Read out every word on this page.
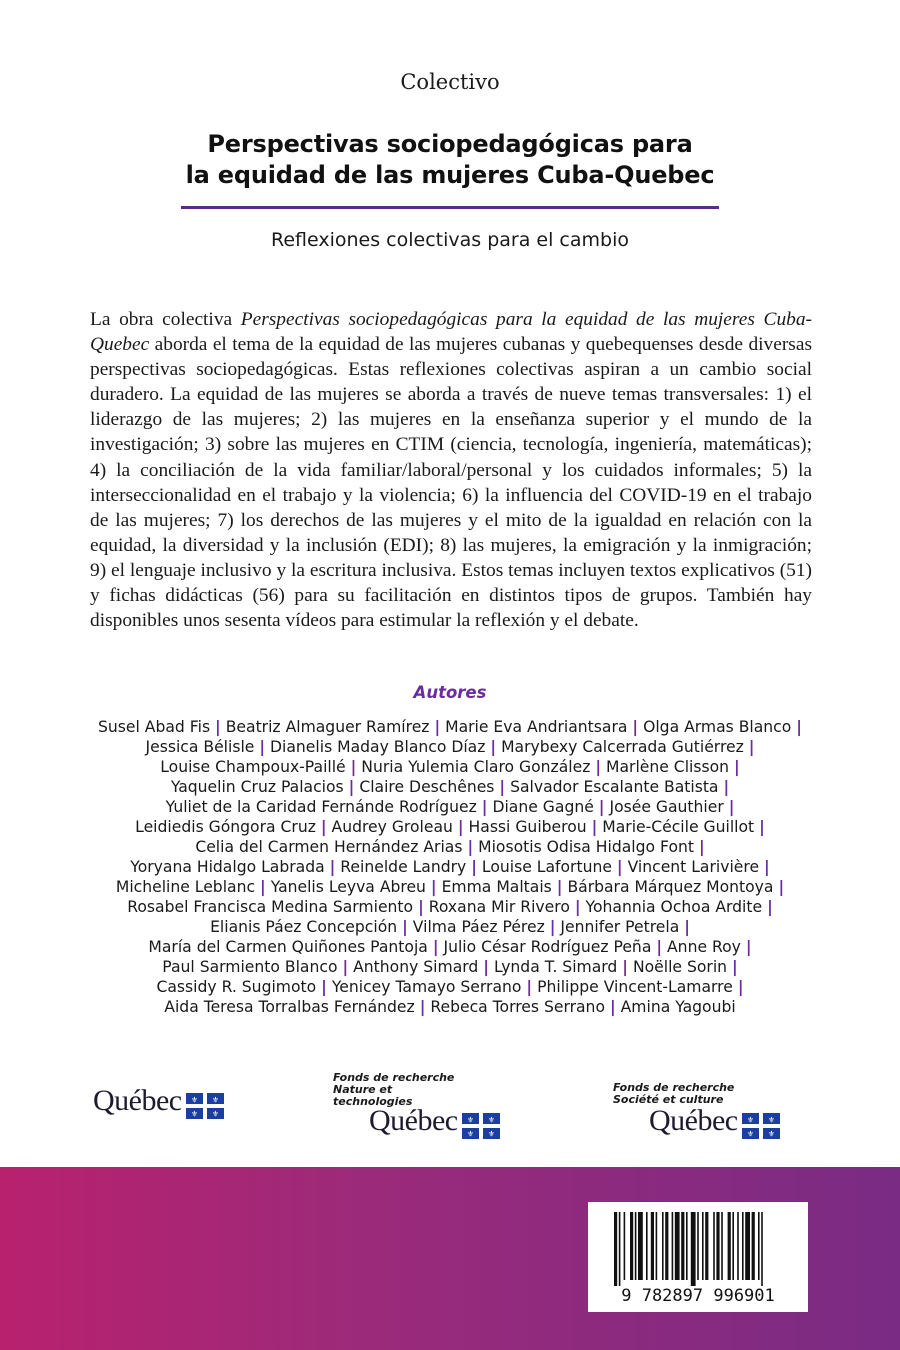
Colectivo
Perspectivas sociopedagógicas para
la equidad de las mujeres Cuba-Quebec
Reflexiones colectivas para el cambio

La obra colectiva Perspectivas sociopedagógicas para la equidad de las mujeres Cuba-Quebec aborda el tema de la equidad de las mujeres cubanas y quebequenses desde diversas perspectivas sociopedagógicas. Estas reflexiones colectivas aspiran a un cambio social duradero. La equidad de las mujeres se aborda a través de nueve temas transversales: 1) el liderazgo de las mujeres; 2) las mujeres en la enseñanza superior y el mundo de la investigación; 3) sobre las mujeres en CTIM (ciencia, tecnología, ingeniería, matemáticas); 4) la conciliación de la vida familiar/laboral/personal y los cuidados informales; 5) la interseccionalidad en el trabajo y la violencia; 6) la influencia del COVID-19 en el trabajo de las mujeres; 7) los derechos de las mujeres y el mito de la igualdad en relación con la equidad, la diversidad y la inclusión (EDI); 8) las mujeres, la emigración y la inmigración; 9) el lenguaje inclusivo y la escritura inclusiva. Estos temas incluyen textos explicativos (51) y fichas didácticas (56) para su facilitación en distintos tipos de grupos. También hay disponibles unos sesenta vídeos para estimular la reflexión y el debate.

Autores
Susel Abad Fis | Beatriz Almaguer Ramírez | Marie Eva Andriantsara | Olga Armas Blanco | Jessica Bélisle | Dianelis Maday Blanco Díaz | Marybexy Calcerrada Gutiérrez | Louise Champoux-Paillé | Nuria Yulemia Claro González | Marlène Clisson | Yaquelin Cruz Palacios | Claire Deschênes | Salvador Escalante Batista | Yuliet de la Caridad Fernánde Rodríguez | Diane Gagné | Josée Gauthier | Leidiedis Góngora Cruz | Audrey Groleau | Hassi Guiberou | Marie-Cécile Guillot | Celia del Carmen Hernández Arias | Miosotis Odisa Hidalgo Font | Yoryana Hidalgo Labrada | Reinelde Landry | Louise Lafortune | Vincent Larivière | Micheline Leblanc | Yanelis Leyva Abreu | Emma Maltais | Bárbara Márquez Montoya | Rosabel Francisca Medina Sarmiento | Roxana Mir Rivero | Yohannia Ochoa Ardite | Elianis Páez Concepción | Vilma Páez Pérez | Jennifer Petrela | María del Carmen Quiñones Pantoja | Julio César Rodríguez Peña | Anne Roy | Paul Sarmiento Blanco | Anthony Simard | Lynda T. Simard | Noëlle Sorin | Cassidy R. Sugimoto | Yenicey Tamayo Serrano | Philippe Vincent-Lamarre | Aida Teresa Torralbas Fernández | Rebeca Torres Serrano | Amina Yagoubi
Québec ⚜ ⚜
⚜ ⚜
Fonds de recherche
Nature et
technologies
Québec ⚜ ⚜
⚜ ⚜
Fonds de recherche
Société et culture
Québec ⚜ ⚜
⚜ ⚜
9 782897 996901
